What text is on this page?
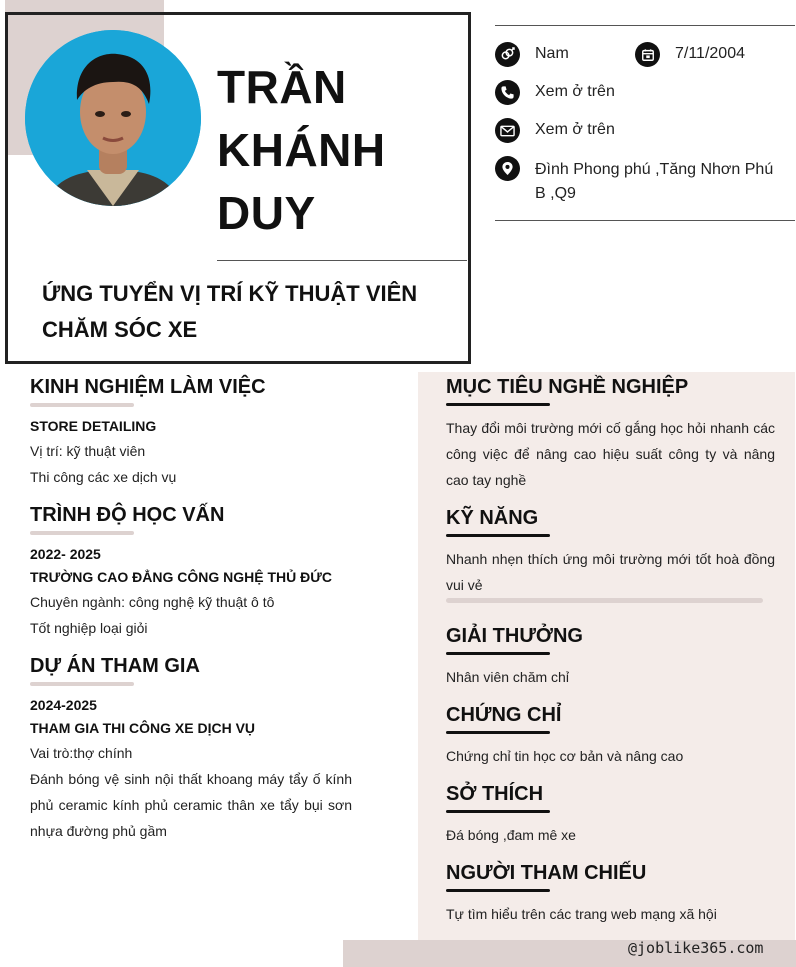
TRẦN
KHÁNH
DUY
ỨNG TUYỂN VỊ TRÍ KỸ THUẬT VIÊN
CHĂM SÓC XE
Nam	7/11/2004
Xem ở trên
Xem ở trên
Đình Phong phú ,Tăng Nhơn Phú B ,Q9
KINH NGHIỆM LÀM VIỆC
STORE DETAILING
Vị trí: kỹ thuật viên
Thi công các xe dịch vụ
TRÌNH ĐỘ HỌC VẤN
2022- 2025
TRƯỜNG CAO ĐẲNG CÔNG NGHỆ THỦ ĐỨC
Chuyên ngành: công nghệ kỹ thuật ô tô
Tốt nghiệp loại giỏi
DỰ ÁN THAM GIA
2024-2025
THAM GIA THI CÔNG XE DỊCH VỤ
Vai trò:thợ chính
Đánh bóng vệ sinh nội thất khoang máy tẩy ố kính phủ ceramic kính phủ ceramic thân xe tẩy bụi sơn nhựa đường phủ gầm
MỤC TIÊU NGHỀ NGHIỆP
Thay đổi môi trường mới cố gắng học hỏi nhanh các công việc để nâng cao hiệu suất công ty và nâng cao tay nghề
KỸ NĂNG
Nhanh nhẹn thích ứng môi trường mới tốt hoà đồng vui vẻ
GIẢI THƯỞNG
Nhân viên chăm chỉ
CHỨNG CHỈ
Chứng chỉ tin học cơ bản và nâng cao
SỞ THÍCH
Đá bóng ,đam mê xe
NGƯỜI THAM CHIẾU
Tự tìm hiểu trên các trang web mạng xã hội
@joblike365.com
